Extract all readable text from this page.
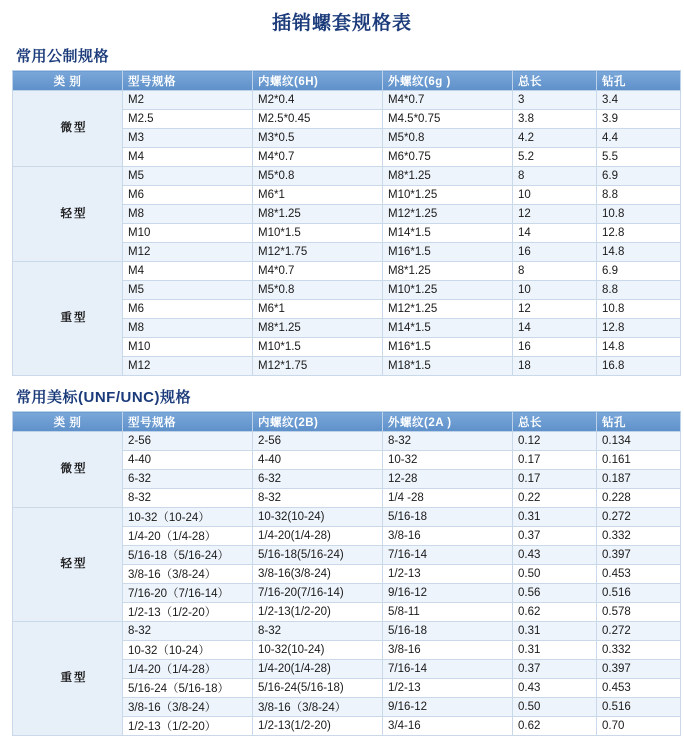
插销螺套规格表
常用公制规格
类 别	型号规格	内螺纹(6H)	外螺纹(6g )	总长	钻孔

微型	M2	M2*0.4	M4*0.7	3	3.4
	M2.5	M2.5*0.45	M4.5*0.75	3.8	3.9
	M3	M3*0.5	M5*0.8	4.2	4.4
	M4	M4*0.7	M6*0.75	5.2	5.5

轻型	M5	M5*0.8	M8*1.25	8	6.9
	M6	M6*1	M10*1.25	10	8.8
	M8	M8*1.25	M12*1.25	12	10.8
	M10	M10*1.5	M14*1.5	14	12.8
	M12	M12*1.75	M16*1.5	16	14.8

重型	M4	M4*0.7	M8*1.25	8	6.9
	M5	M5*0.8	M10*1.25	10	8.8
	M6	M6*1	M12*1.25	12	10.8
	M8	M8*1.25	M14*1.5	14	12.8
	M10	M10*1.5	M16*1.5	16	14.8
	M12	M12*1.75	M18*1.5	18	16.8
常用美标(UNF/UNC)规格
类 别	型号规格	内螺纹(2B)	外螺纹(2A )	总长	钻孔

微型	2-56	2-56	8-32	0.12	0.134
	4-40	4-40	10-32	0.17	0.161
	6-32	6-32	12-28	0.17	0.187
	8-32	8-32	1/4 -28	0.22	0.228

轻型	10-32（10-24）	10-32(10-24)	5/16-18	0.31	0.272
	1/4-20（1/4-28）	1/4-20(1/4-28)	3/8-16	0.37	0.332
	5/16-18（5/16-24）	5/16-18(5/16-24)	7/16-14	0.43	0.397
	3/8-16（3/8-24）	3/8-16(3/8-24)	1/2-13	0.50	0.453
	7/16-20（7/16-14）	7/16-20(7/16-14)	9/16-12	0.56	0.516
	1/2-13（1/2-20）	1/2-13(1/2-20)	5/8-11	0.62	0.578

重型	8-32	8-32	5/16-18	0.31	0.272
	10-32（10-24）	10-32(10-24)	3/8-16	0.31	0.332
	1/4-20（1/4-28）	1/4-20(1/4-28)	7/16-14	0.37	0.397
	5/16-24（5/16-18）	5/16-24(5/16-18)	1/2-13	0.43	0.453
	3/8-16（3/8-24）	3/8-16（3/8-24）	9/16-12	0.50	0.516
	1/2-13（1/2-20）	1/2-13(1/2-20)	3/4-16	0.62	0.70
